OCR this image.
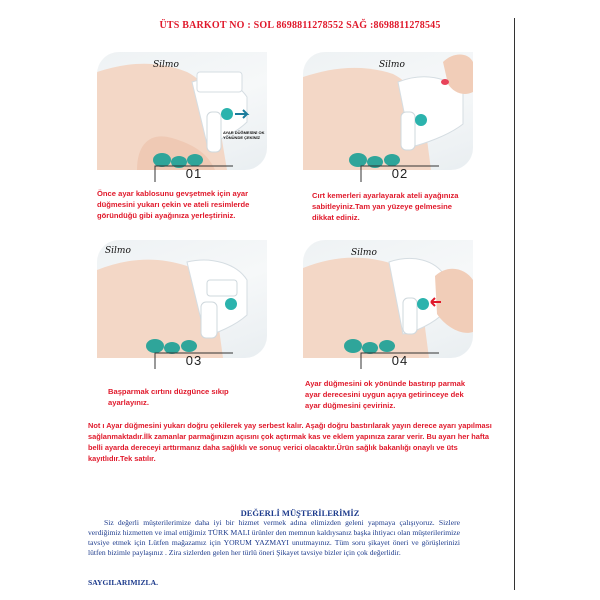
ÜTS BARKOT NO : SOL 8698811278552 SAĞ :8698811278545
Silmo
AYAR DÜĞMESİNİ OK YÖNÜNDE ÇEKİNİZ
01
Önce ayar kablosunu gevşetmek için ayar düğmesini yukarı çekin ve ateli resimlerde göründüğü gibi ayağınıza yerleştiriniz.
Silmo
02
Cırt kemerleri ayarlayarak ateli ayağınıza sabitleyiniz.Tam yan yüzeye gelmesine dikkat ediniz.
Silmo
03
Başparmak cırtını düzgünce sıkıp ayarlayınız.
Silmo
04
Ayar düğmesini ok yönünde bastırıp parmak ayar derecesini uygun açıya getirinceye dek ayar düğmesini çeviriniz.
Not ı Ayar düğmesini yukarı doğru çekilerek yay serbest kalır. Aşağı doğru bastırılarak yayın derece ayarı yapılması sağlanmaktadır.İlk zamanlar parmağınızın açısını çok açtırmak kas ve eklem yapınıza zarar verir. Bu ayarı her hafta belli ayarda dereceyi arttırmanız daha sağlıklı ve sonuç verici olacaktır.Ürün sağlık bakanlığı onaylı ve üts kayıtlıdır.Tek satılır.
DEĞERLİ MÜŞTERİLERİMİZ
Siz değerli müşterilerimize daha iyi bir hizmet vermek adına elimizden geleni yapmaya çalışıyoruz. Sizlere verdiğimiz hizmetten ve imal ettiğimiz TÜRK MALI ürünler den memnun kaldıysanız başka ihtiyacı olan müşterilerimize tavsiye etmek için Lütfen mağazamız için YORUM YAZMAYI unutmayınız. Tüm soru şikayet öneri ve görüşlerinizi lütfen bizimle paylaşınız . Zira sizlerden gelen her türlü öneri Şikayet tavsiye bizler için çok değerlidir.
SAYGILARIMIZLA.
